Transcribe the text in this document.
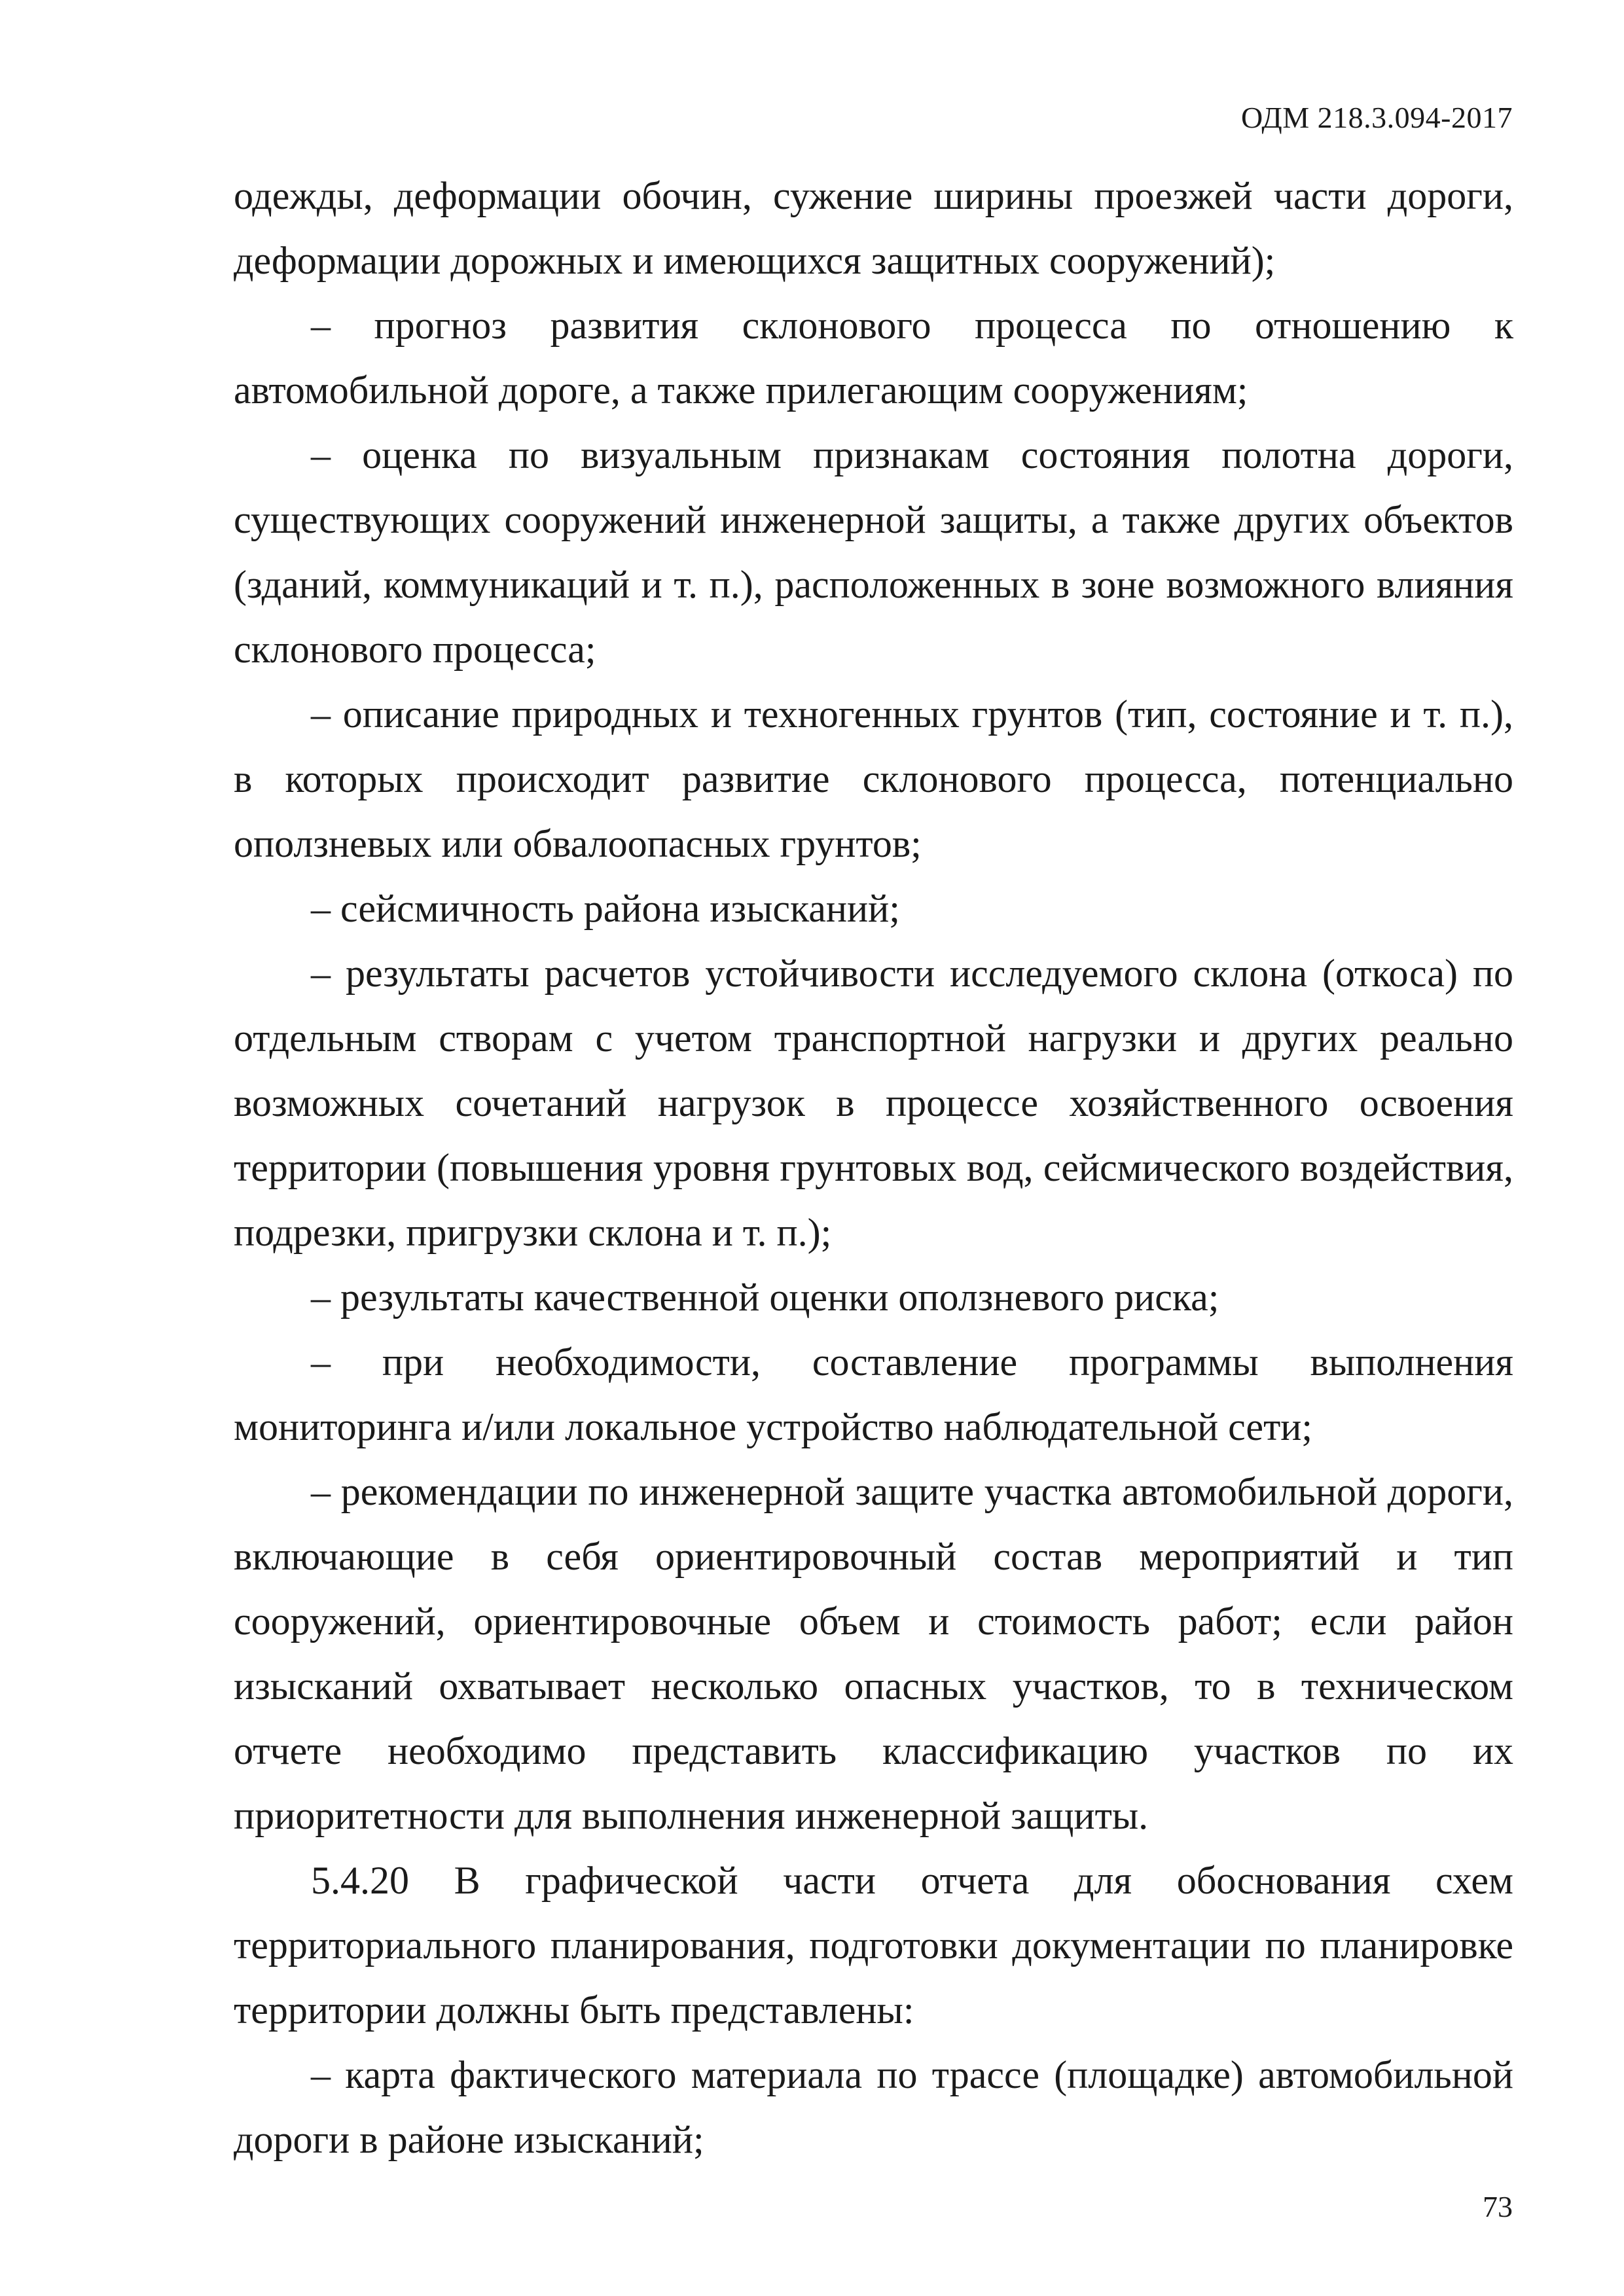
ОДМ 218.3.094-2017

одежды, деформации обочин, сужение ширины проезжей части дороги, деформации дорожных и имеющихся защитных сооружений);

– прогноз развития склонового процесса по отношению к автомобильной дороге, а также прилегающим сооружениям;

– оценка по визуальным признакам состояния полотна дороги, существующих сооружений инженерной защиты, а также других объектов (зданий, коммуникаций и т. п.), расположенных в зоне возможного влияния склонового процесса;

– описание природных и техногенных грунтов (тип, состояние и т. п.), в которых происходит развитие склонового процесса, потенциально оползневых или обвалоопасных грунтов;

– сейсмичность района изысканий;

– результаты расчетов устойчивости исследуемого склона (откоса) по отдельным створам с учетом транспортной нагрузки и других реально возможных сочетаний нагрузок в процессе хозяйственного освоения территории (повышения уровня грунтовых вод, сейсмического воздействия, подрезки, пригрузки склона и т. п.);

– результаты качественной оценки оползневого риска;

– при необходимости, составление программы выполнения мониторинга и/или локальное устройство наблюдательной сети;

– рекомендации по инженерной защите участка автомобильной дороги, включающие в себя ориентировочный состав мероприятий и тип сооружений, ориентировочные объем и стоимость работ; если район изысканий охватывает несколько опасных участков, то в техническом отчете необходимо представить классификацию участков по их приоритетности для выполнения инженерной защиты.

5.4.20 В графической части отчета для обоснования схем территориального планирования, подготовки документации по планировке территории должны быть представлены:

– карта фактического материала по трассе (площадке) автомобильной дороги в районе изысканий;

73
